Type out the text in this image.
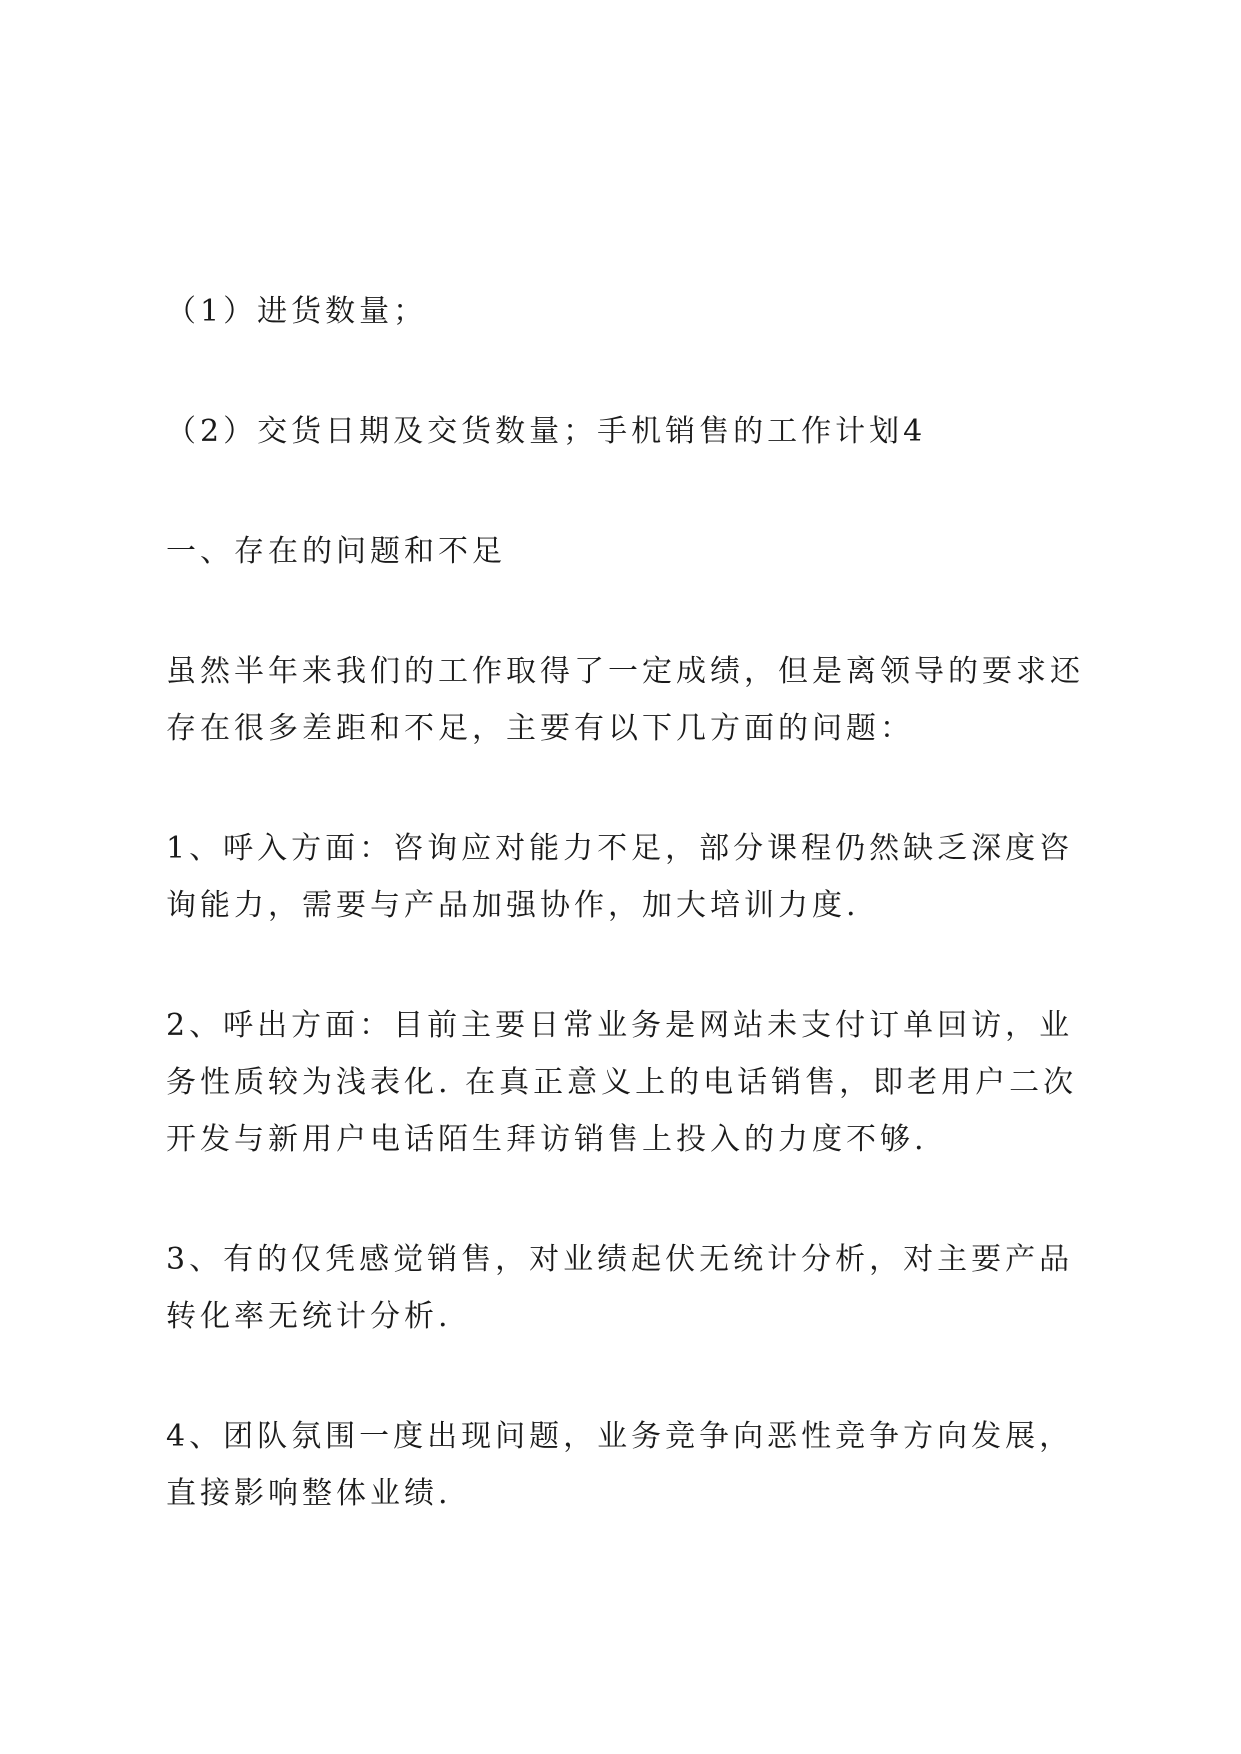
（1）进货数量；

（2）交货日期及交货数量；手机销售的工作计划4

一、存在的问题和不足

虽然半年来我们的工作取得了一定成绩，但是离领导的要求还存在很多差距和不足，主要有以下几方面的问题：

1、呼入方面：咨询应对能力不足，部分课程仍然缺乏深度咨询能力，需要与产品加强协作，加大培训力度.

2、呼出方面：目前主要日常业务是网站未支付订单回访，业务性质较为浅表化. 在真正意义上的电话销售，即老用户二次开发与新用户电话陌生拜访销售上投入的力度不够.

3、有的仅凭感觉销售，对业绩起伏无统计分析，对主要产品转化率无统计分析.

4、团队氛围一度出现问题，业务竞争向恶性竞争方向发展，直接影响整体业绩.
